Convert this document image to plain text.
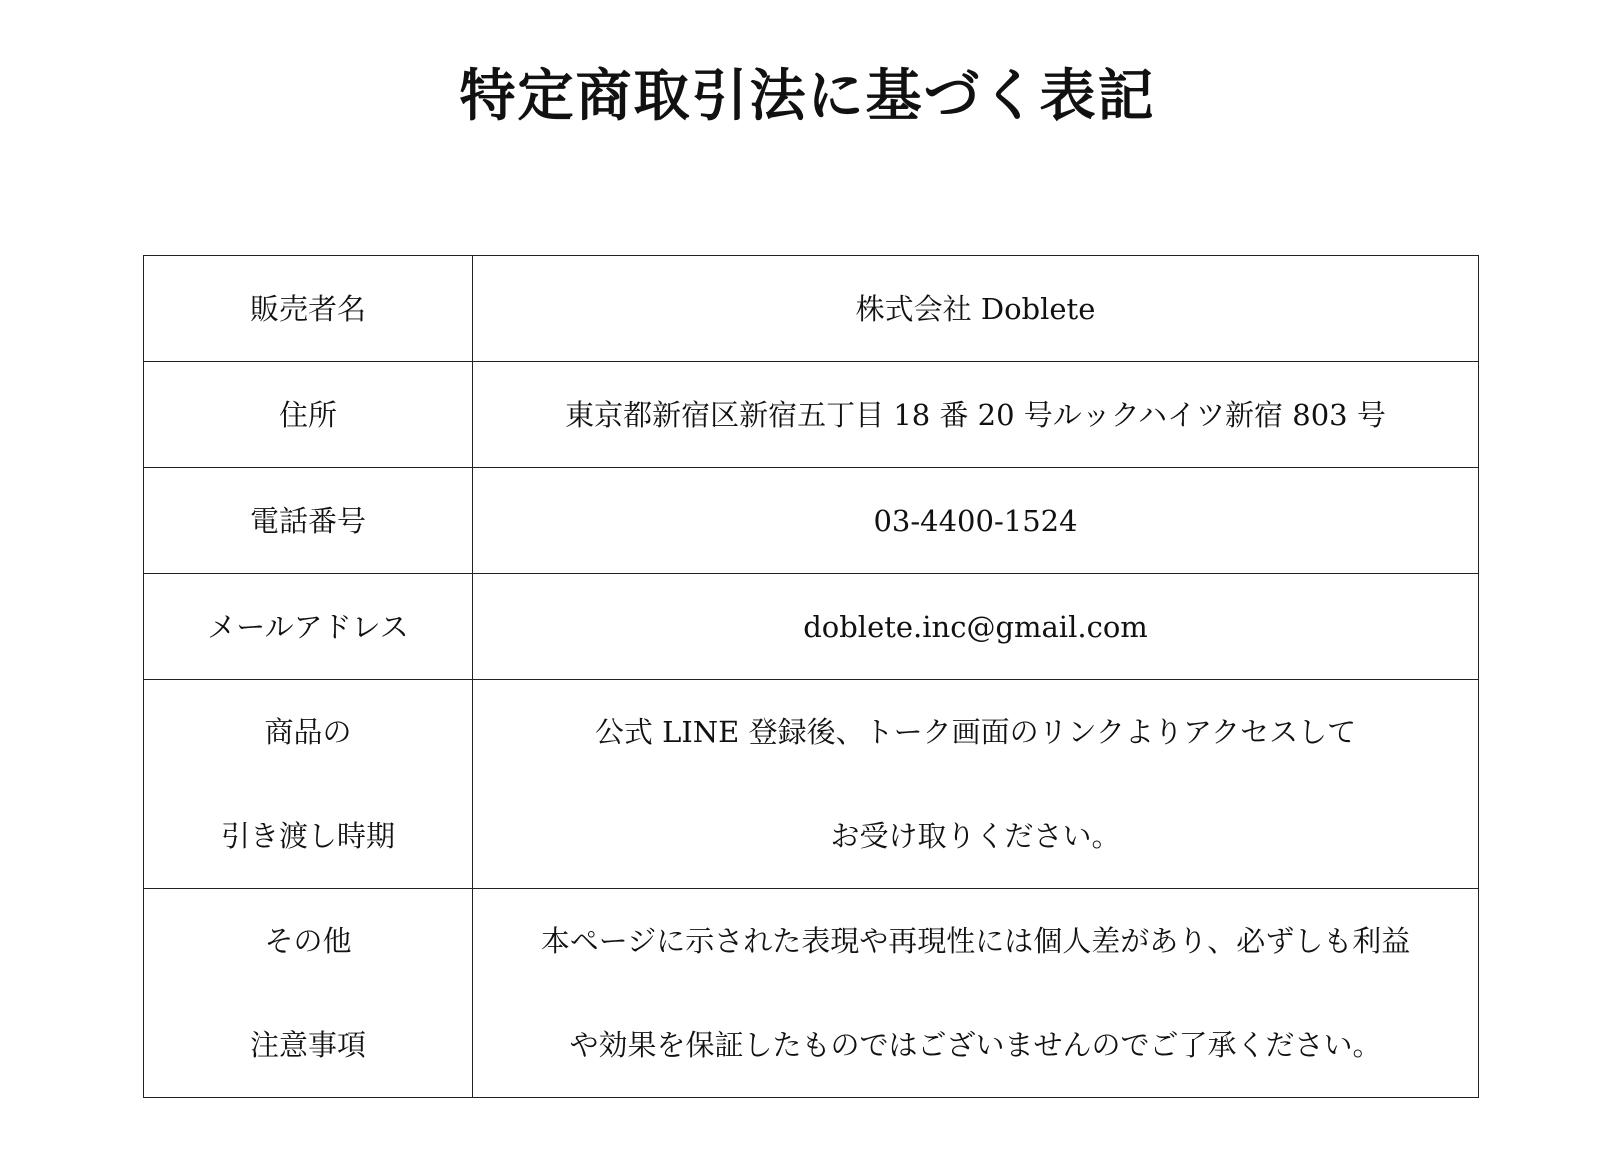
特定商取引法に基づく表記
販売者名	株式会社 Doblete

住所	東京都新宿区新宿五丁目 18 番 20 号ルックハイツ新宿 803 号

電話番号	03-4400-1524

メールアドレス	doblete.inc@gmail.com

商品の
引き渡し時期	公式 LINE 登録後、トーク画面のリンクよりアクセスして
お受け取りください。

その他
注意事項	本ページに示された表現や再現性には個人差があり、必ずしも利益
や効果を保証したものではございませんのでご了承ください。
